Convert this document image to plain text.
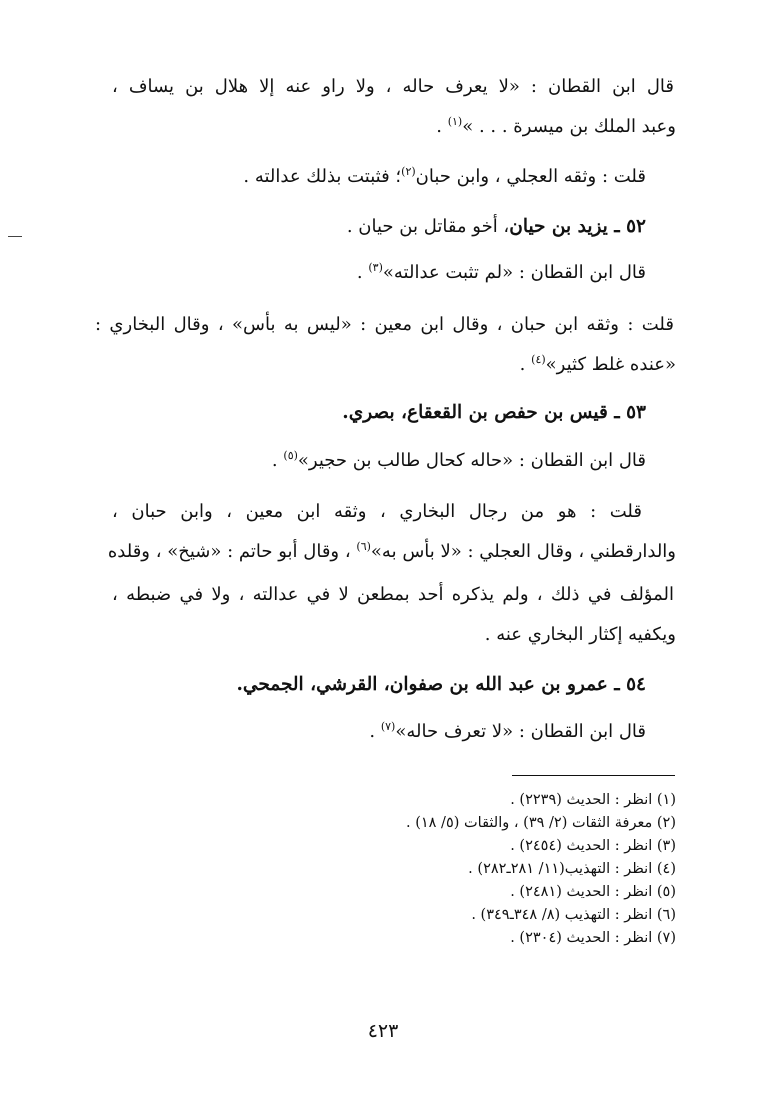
قال ابن القطان : «لا يعرف حاله ، ولا راو عنه إلا هلال بن يساف ،
وعبد الملك بن ميسرة . . . »$^{(١)}$ .
قلت : وثقه العجلي ، وابن حبان$^{(٢)}$؛ فثبتت بذلك عدالته .
٥٢ ـ يزيد بن حيان، أخو مقاتل بن حيان .
قال ابن القطان : «لم تثبت عدالته»$^{(٣)}$ .
قلت : وثقه ابن حبان ، وقال ابن معين : «ليس به بأس» ، وقال البخاري :
«عنده غلط كثير»$^{(٤)}$ .
٥٣ ـ قيس بن حفص بن القعقاع، بصري.
قال ابن القطان : «حاله كحال طالب بن حجير»$^{(٥)}$ .
قلت : هو من رجال البخاري ، وثقه ابن معين ، وابن حبان ،
والدارقطني ، وقال العجلي : «لا بأس به»$^{(٦)}$ ، وقال أبو حاتم : «شيخ» ، وقلده
المؤلف في ذلك ، ولم يذكره أحد بمطعن لا في عدالته ، ولا في ضبطه ،
ويكفيه إكثار البخاري عنه .
٥٤ ـ عمرو بن عبد الله بن صفوان، القرشي، الجمحي.
قال ابن القطان : «لا تعرف حاله»$^{(٧)}$ .
(١) انظر : الحديث (٢٢٣٩) .
(٢) معرفة الثقات (٢/ ٣٩) ، والثقات (٥/ ١٨) .
(٣) انظر : الحديث (٢٤٥٤) .
(٤) انظر : التهذيب(١١/ ٢٨١ـ٢٨٢) .
(٥) انظر : الحديث (٢٤٨١) .
(٦) انظر : التهذيب (٨/ ٣٤٨ـ٣٤٩) .
(٧) انظر : الحديث (٢٣٠٤) .
٤٢٣
